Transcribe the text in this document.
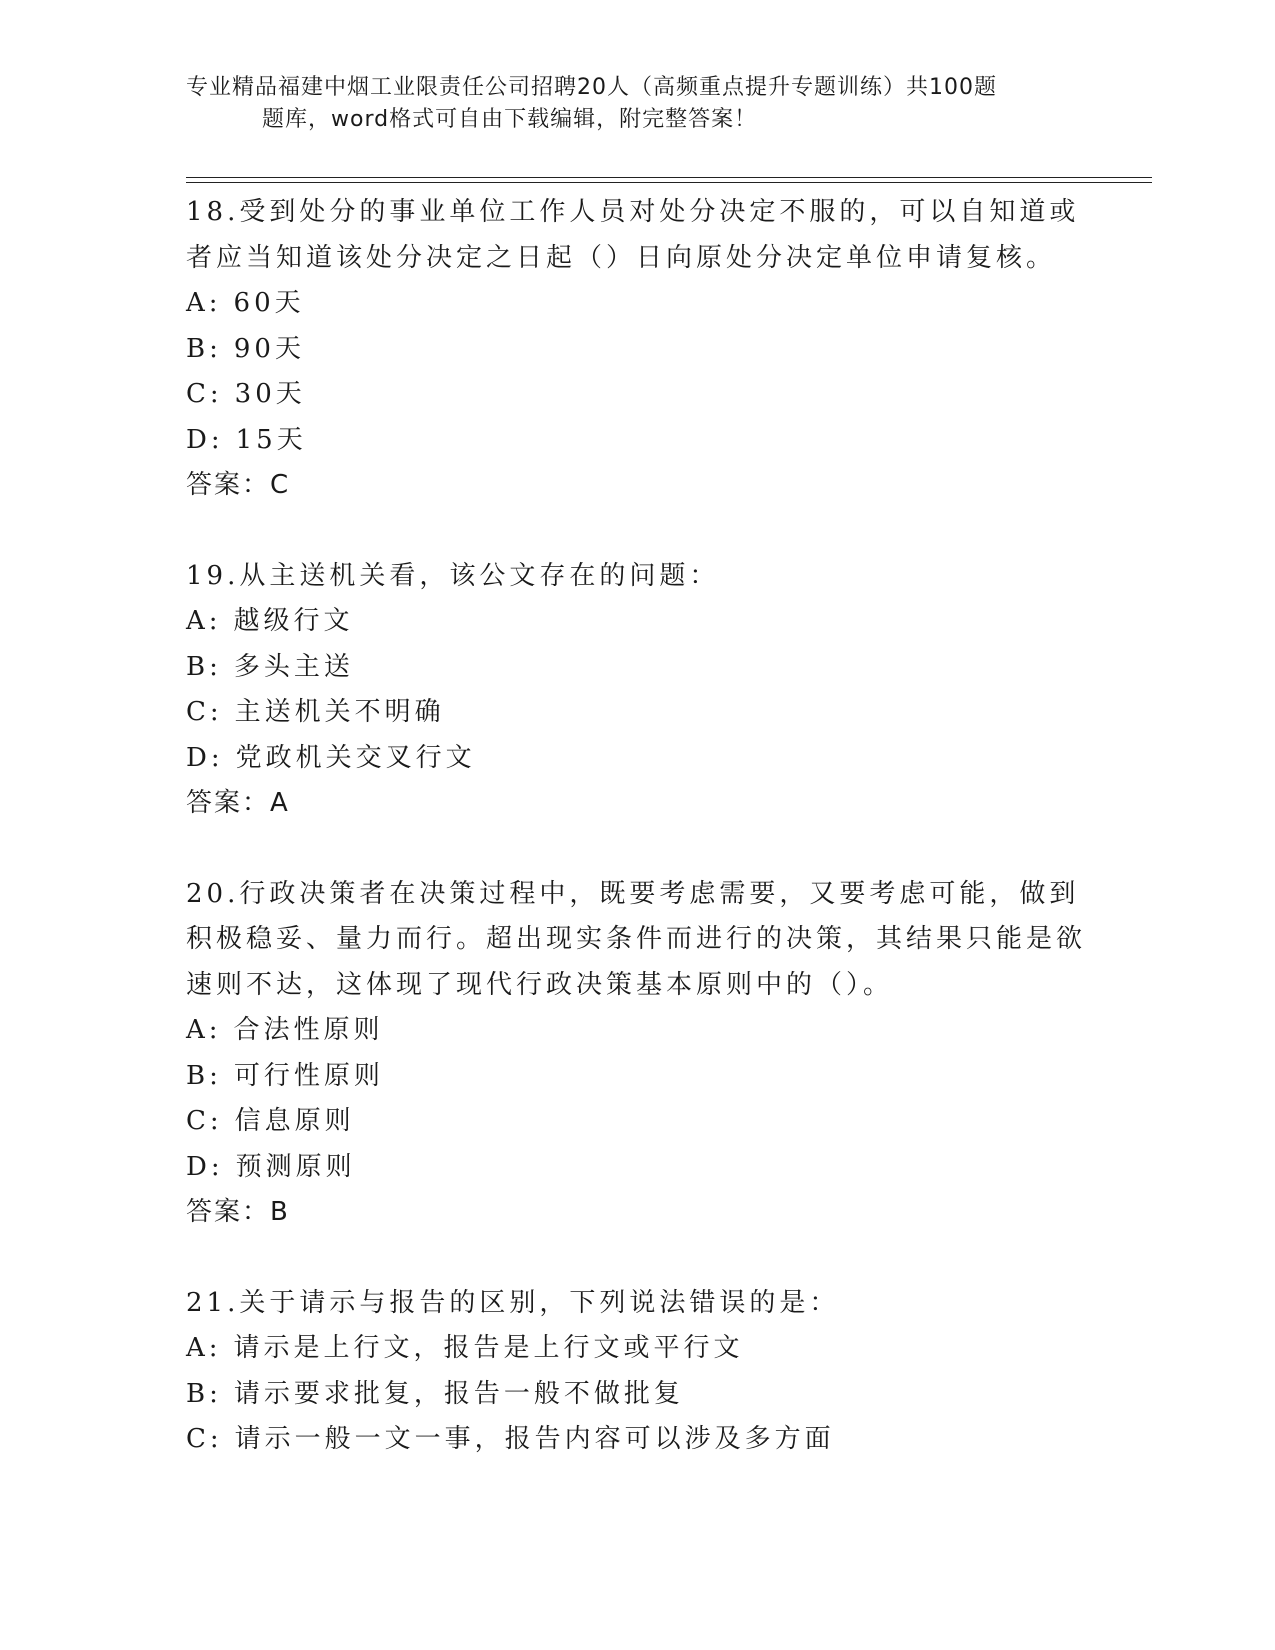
专业精品福建中烟工业限责任公司招聘20人（高频重点提升专题训练）共100题
题库，word格式可自由下载编辑，附完整答案！
18.受到处分的事业单位工作人员对处分决定不服的，可以自知道或者应当知道该处分决定之日起（）日向原处分决定单位申请复核。
A: 60天
B: 90天
C: 30天
D: 15天
答案：C
19.从主送机关看，该公文存在的问题：
A: 越级行文
B: 多头主送
C: 主送机关不明确
D: 党政机关交叉行文
答案：A
20.行政决策者在决策过程中，既要考虑需要，又要考虑可能，做到积极稳妥、量力而行。超出现实条件而进行的决策，其结果只能是欲速则不达，这体现了现代行政决策基本原则中的（）。
A: 合法性原则
B: 可行性原则
C: 信息原则
D: 预测原则
答案：B
21.关于请示与报告的区别，下列说法错误的是：
A: 请示是上行文，报告是上行文或平行文
B: 请示要求批复，报告一般不做批复
C: 请示一般一文一事，报告内容可以涉及多方面
